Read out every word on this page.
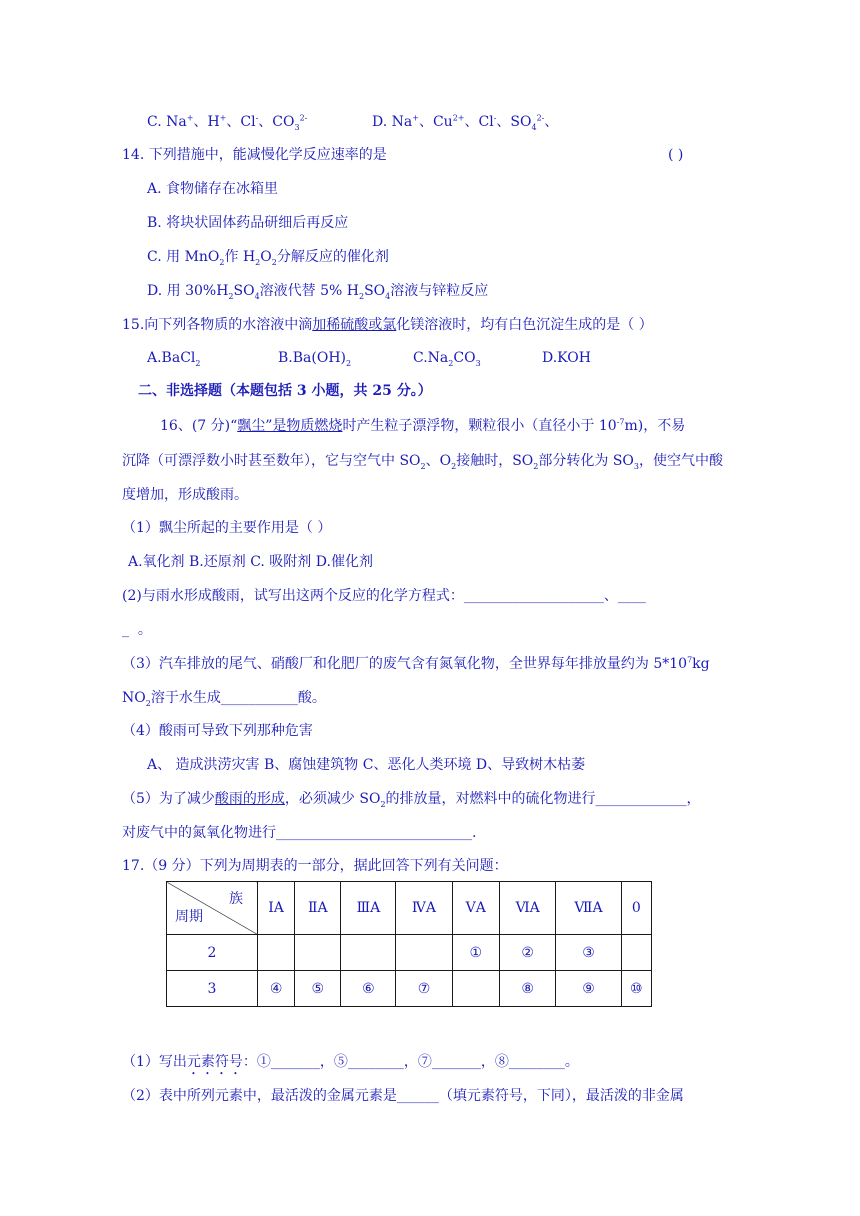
C. Na+、H+、Cl-、$CO_3^{2-}$	D. Na+、$Cu^{2+}$、Cl-、$SO_4^{2-}$、
14. 下列措施中，能减慢化学反应速率的是	( )
A. 食物储存在冰箱里
B. 将块状固体药品研细后再反应
C. 用 MnO$_2$作 $H_2O_2$分解反应的催化剂
D. 用 $30\%H_2SO_4$溶液代替 5% $H_2SO_4$溶液与锌粒反应
15.向下列各物质的水溶液中滴加稀硫酸或氯化镁溶液时，均有白色沉淀生成的是（ ）
A.BaCl$_2$	$B.Ba(OH)_2$	$C.Na_2CO_3$	D.KOH
二、非选择题（本题包括 3 小题，共 25 分。）
16、(7 分)“飘尘”是物质燃烧时产生粒子漂浮物，颗粒很小（直径小于 $10^{-7}m$)，不易
沉降（可漂浮数小时甚至数年），它与空气中 $SO_2$、$O_2$接触时，$SO_2$部分转化为 $SO_3$，使空气中酸
度增加，形成酸雨。
（1）飘尘所起的主要作用是（ ）
A.氧化剂 B.还原剂 C. 吸附剂 D.催化剂
(2)与雨水形成酸雨，试写出这两个反应的化学方程式：____________________、____
_ 。
（3）汽车排放的尾气、硝酸厂和化肥厂的废气含有氮氧化物，全世界每年排放量约为 $5*10^7kg$
$NO_2$溶于水生成___________酸。
（4）酸雨可导致下列那种危害
A、 造成洪涝灾害 B、腐蚀建筑物 C、恶化人类环境 D、导致树木枯萎
（5）为了减少酸雨的形成，必须减少 $SO_2$的排放量，对燃料中的硫化物进行_____________，
对废气中的氮氧化物进行____________________________.
17.（9 分）下列为周期表的一部分，据此回答下列有关问题：
族
周期	ⅠA	ⅡA	ⅢA	ⅣA	ⅤA	ⅥA	ⅦA	0
2					①	②	③	
3	④	⑤	⑥	⑦		⑧	⑨	⑩
（1）写出元素符号：①_______，⑤________，⑦_______，⑧________。
（2）表中所列元素中，最活泼的金属元素是______（填元素符号，下同），最活泼的非金属
